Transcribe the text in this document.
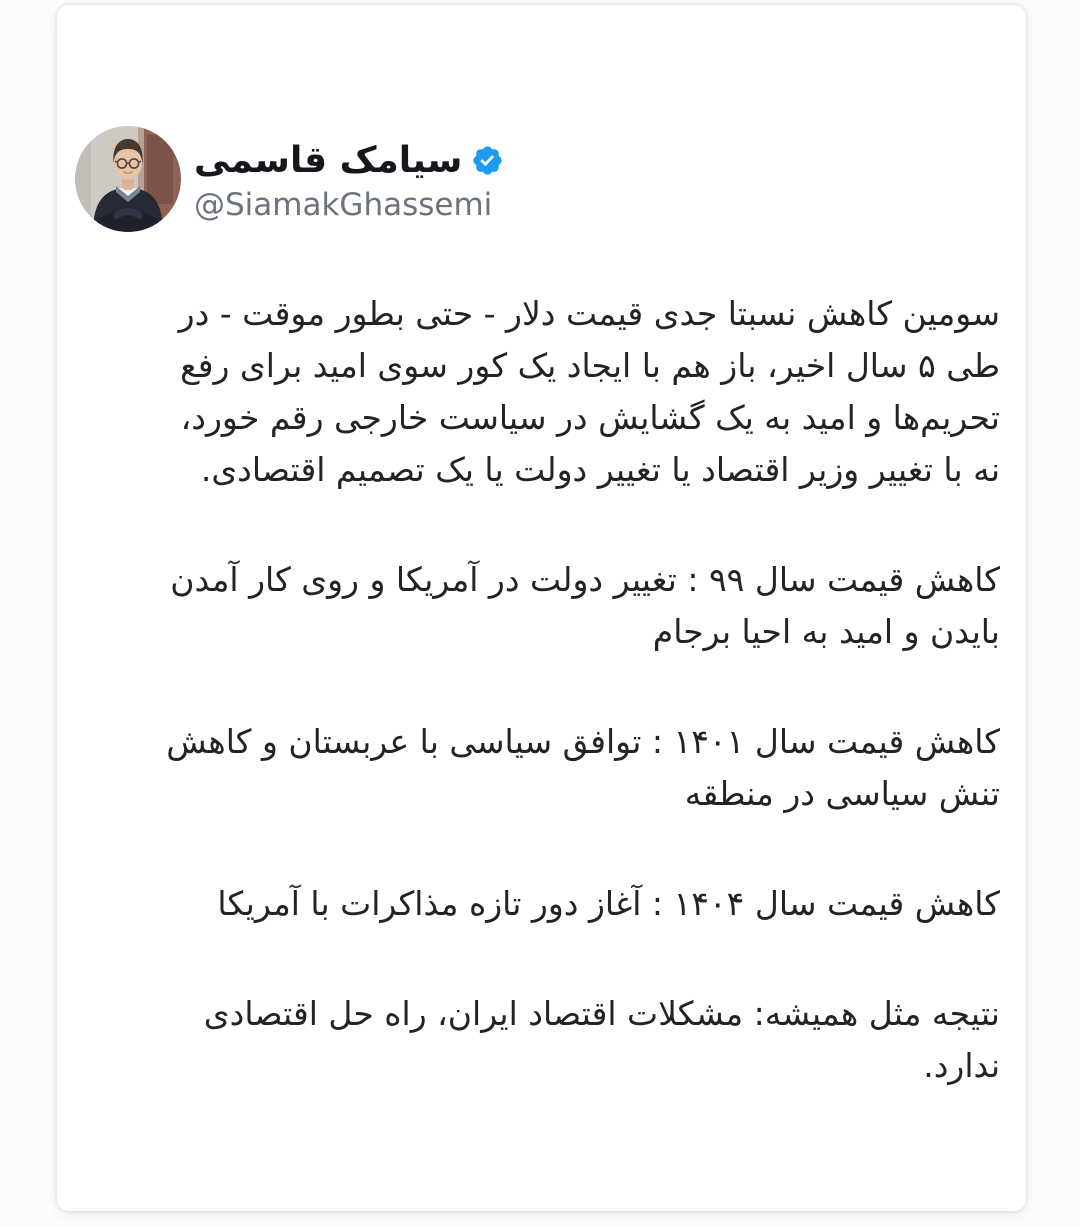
سیامک قاسمی
@SiamakGhassemi
سومین کاهش نسبتا جدی قیمت دلار - حتی بطور موقت - در
طی ۵ سال اخیر، باز هم با ایجاد یک کور سوی امید برای رفع
تحریم‌ها و امید به یک گشایش در سیاست خارجی رقم خورد،
نه با تغییر وزیر اقتصاد یا تغییر دولت یا یک تصمیم اقتصادی.
کاهش قیمت سال ۹۹ : تغییر دولت در آمریکا و روی کار آمدن
بایدن و امید به احیا برجام
کاهش قیمت سال ۱۴۰۱ : توافق سیاسی با عربستان و کاهش
تنش سیاسی در منطقه
کاهش قیمت سال ۱۴۰۴ : آغاز دور تازه مذاکرات با آمریکا
نتیجه مثل همیشه: مشکلات اقتصاد ایران، راه حل اقتصادی
ندارد.
